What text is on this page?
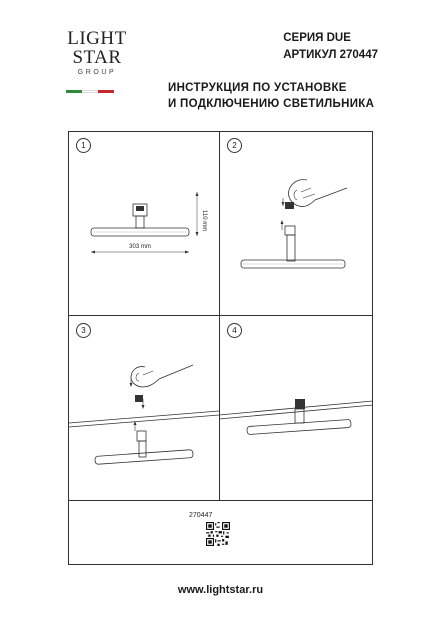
LIGHT
STAR
GROUP
СЕРИЯ DUE
АРТИКУЛ 270447
ИНСТРУКЦИЯ ПО УСТАНОВКЕ
И ПОДКЛЮЧЕНИЮ СВЕТИЛЬНИКА
1
110 mm
303 mm
2
3	4
270447
www.lightstar.ru
